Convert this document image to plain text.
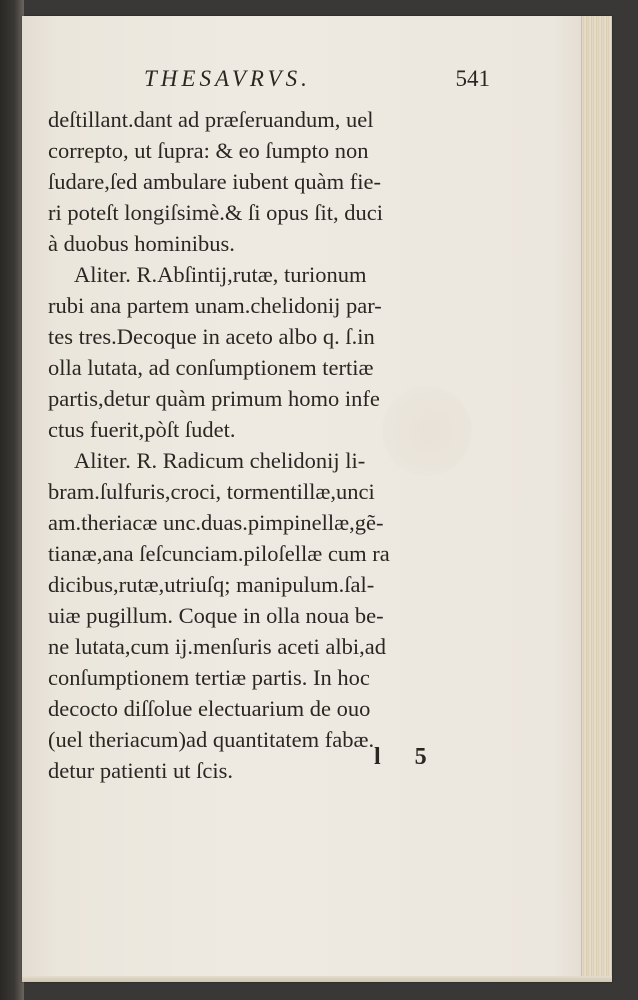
THESAVRVS.	541
deſtillant.dant ad præſeruandum, uel
correpto, ut ſupra: & eo ſumpto non
ſudare,ſed ambulare iubent quàm fie-
ri poteſt longiſsimè.& ſi opus ſit, duci
à duobus hominibus.
Aliter. R.Abſintij,rutæ, turionum
rubi ana partem unam.chelidonij par-
tes tres.Decoque in aceto albo q. ſ.in
olla lutata, ad conſumptionem tertiæ
partis,detur quàm primum homo infe
ctus fuerit,pòſt ſudet.
Aliter. R. Radicum chelidonij li-
bram.ſulfuris,croci, tormentillæ,unci
am.theriacæ unc.duas.pimpinellæ,gẽ-
tianæ,ana ſeſcunciam.piloſellæ cum ra
dicibus,rutæ,utriuſq; manipulum.ſal-
uiæ pugillum. Coque in olla noua be-
ne lutata,cum ij.menſuris aceti albi,ad
conſumptionem tertiæ partis. In hoc
decocto diſſolue electuarium de ouo
(uel theriacum)ad quantitatem fabæ.
detur patienti ut ſcis.
l 5
